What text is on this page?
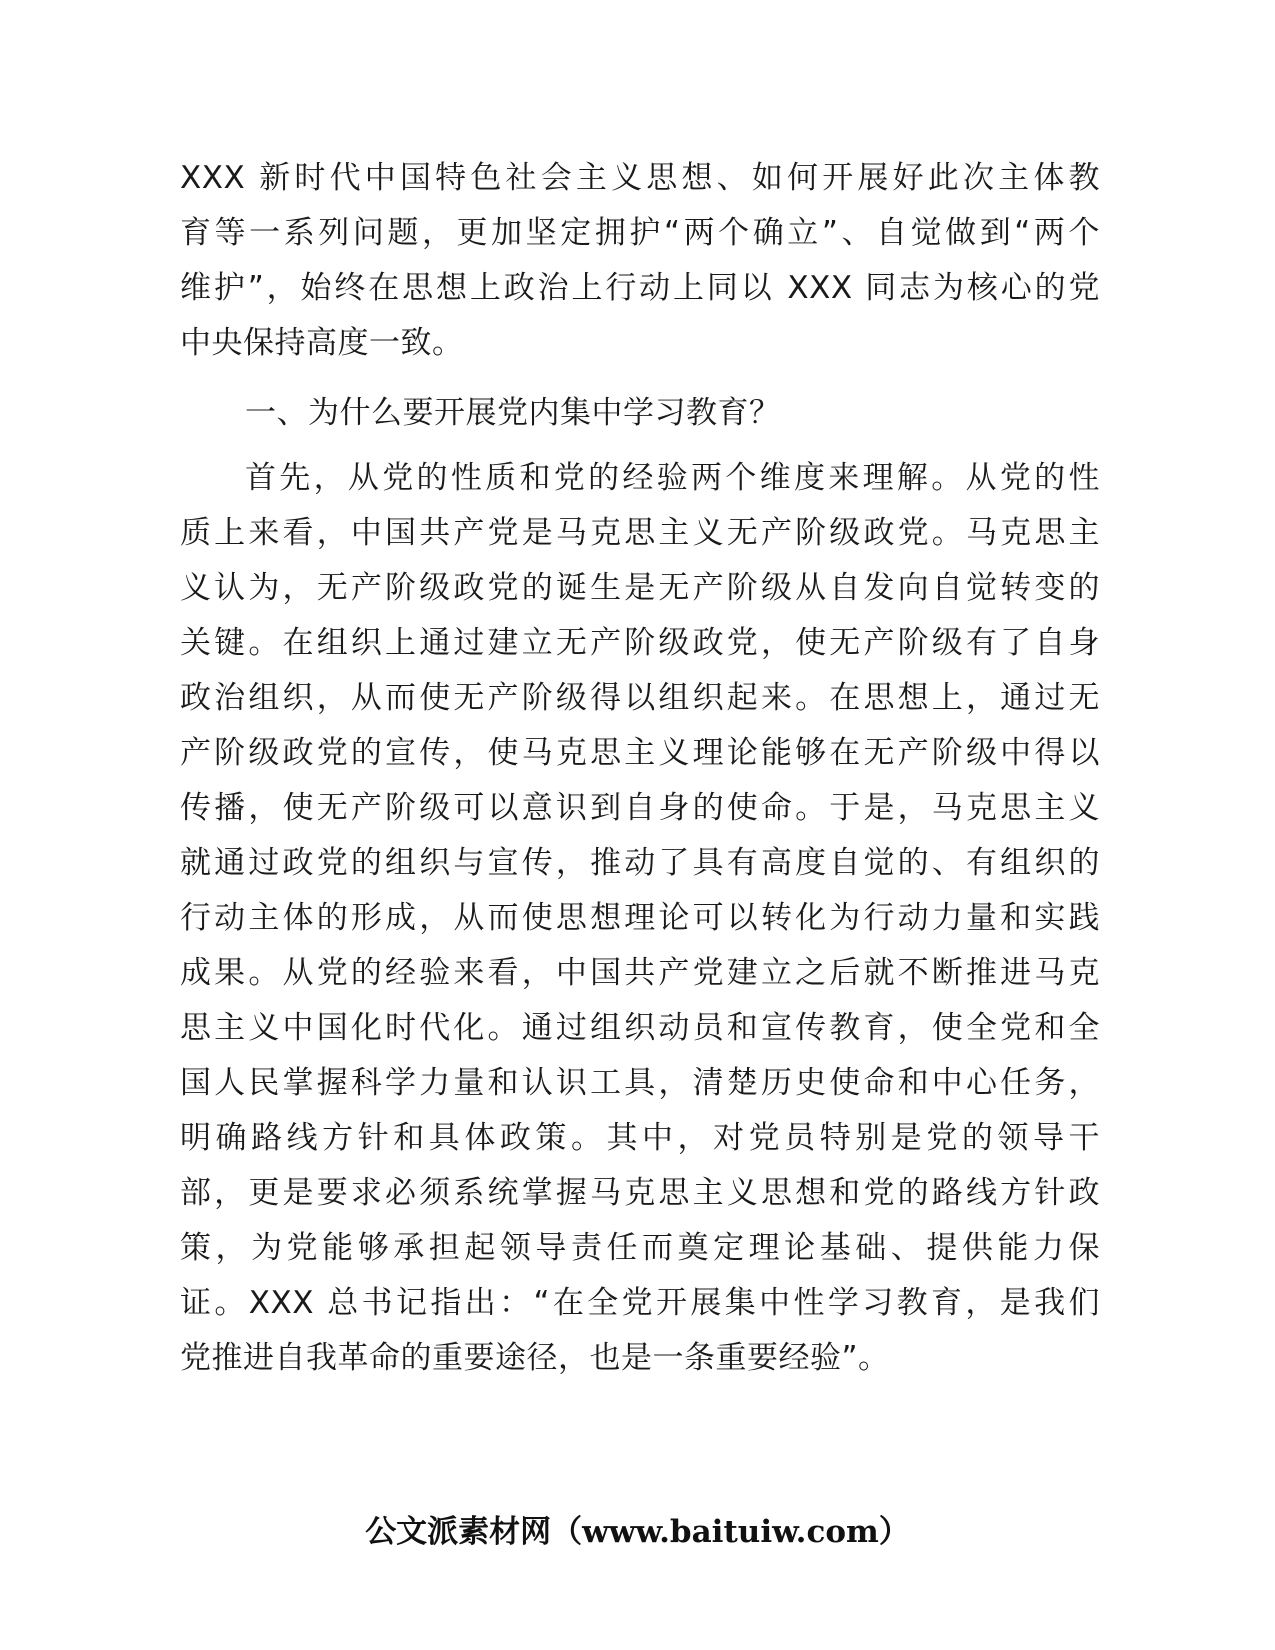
XXX 新时代中国特色社会主义思想、如何开展好此次主体教
育等一系列问题，更加坚定拥护“两个确立”、自觉做到“两个
维护”，始终在思想上政治上行动上同以 XXX 同志为核心的党
中央保持高度一致。
一、为什么要开展党内集中学习教育？
首先，从党的性质和党的经验两个维度来理解。从党的性
质上来看，中国共产党是马克思主义无产阶级政党。马克思主
义认为，无产阶级政党的诞生是无产阶级从自发向自觉转变的
关键。在组织上通过建立无产阶级政党，使无产阶级有了自身
政治组织，从而使无产阶级得以组织起来。在思想上，通过无
产阶级政党的宣传，使马克思主义理论能够在无产阶级中得以
传播，使无产阶级可以意识到自身的使命。于是，马克思主义
就通过政党的组织与宣传，推动了具有高度自觉的、有组织的
行动主体的形成，从而使思想理论可以转化为行动力量和实践
成果。从党的经验来看，中国共产党建立之后就不断推进马克
思主义中国化时代化。通过组织动员和宣传教育，使全党和全
国人民掌握科学力量和认识工具，清楚历史使命和中心任务，
明确路线方针和具体政策。其中，对党员特别是党的领导干
部，更是要求必须系统掌握马克思主义思想和党的路线方针政
策，为党能够承担起领导责任而奠定理论基础、提供能力保
证。XXX 总书记指出：“在全党开展集中性学习教育，是我们
党推进自我革命的重要途径，也是一条重要经验”。
公文派素材网（www.baituiw.com）
